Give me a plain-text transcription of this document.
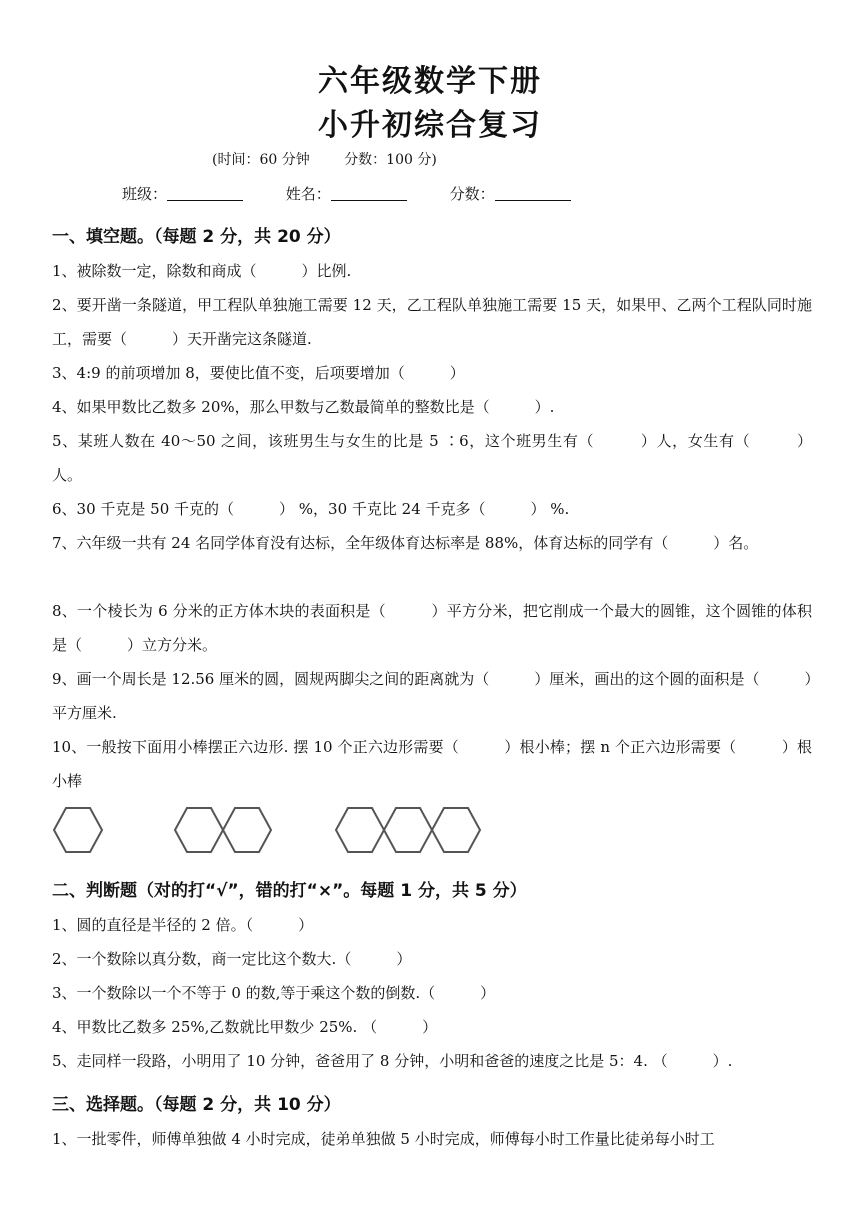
六年级数学下册
小升初综合复习
(时间：60 分钟 分数：100 分)
班级：	姓名：	分数：
一、填空题。（每题 2 分，共 20 分）
1、被除数一定，除数和商成（　　　）比例.
2、要开凿一条隧道，甲工程队单独施工需要 12 天，乙工程队单独施工需要 15 天，如果甲、乙两个工程队同时施工，需要（　　　）天开凿完这条隧道.
3、4:9 的前项增加 8，要使比值不变，后项要增加（　　　）
4、如果甲数比乙数多 20%，那么甲数与乙数最简单的整数比是（　　　）.
5、某班人数在 40～50 之间，该班男生与女生的比是 5 ∶6，这个班男生有（　　　）人，女生有（　　　）人。
6、30 千克是 50 千克的（　　　） %，30 千克比 24 千克多（　　　） %.
7、六年级一共有 24 名同学体育没有达标，全年级体育达标率是 88%，体育达标的同学有（　　　）名。
8、一个棱长为 6 分米的正方体木块的表面积是（　　　）平方分米，把它削成一个最大的圆锥，这个圆锥的体积是（　　　）立方分米。
9、画一个周长是 12.56 厘米的圆，圆规两脚尖之间的距离就为（　　　）厘米，画出的这个圆的面积是（　　　）平方厘米.
10、一般按下面用小棒摆正六边形. 摆 10 个正六边形需要（　　　）根小棒；摆 n 个正六边形需要（　　　）根小棒
二、判断题（对的打“√”，错的打“×”。每题 1 分，共 5 分）
1、圆的直径是半径的 2 倍。（　　　）
2、一个数除以真分数，商一定比这个数大.（　　　）
3、一个数除以一个不等于 0 的数,等于乘这个数的倒数.（　　　）
4、甲数比乙数多 25%,乙数就比甲数少 25%. （　　　）
5、走同样一段路，小明用了 10 分钟，爸爸用了 8 分钟，小明和爸爸的速度之比是 5：4. （　　　）.
三、选择题。（每题 2 分，共 10 分）
1、一批零件，师傅单独做 4 小时完成，徒弟单独做 5 小时完成，师傅每小时工作量比徒弟每小时工
